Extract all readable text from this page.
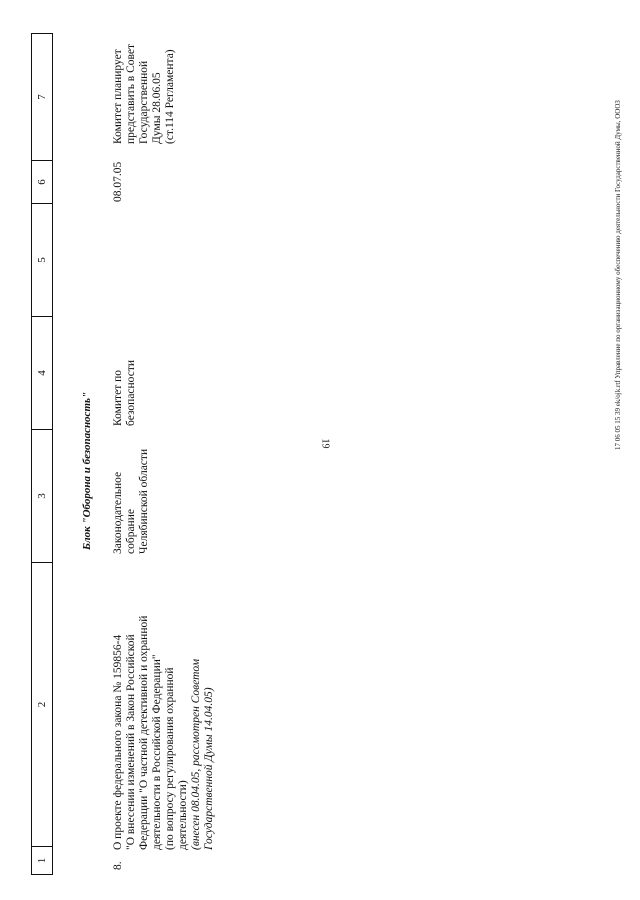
19
1
2
3
4
5
6
7
Блок "Оборона и безопасность"
8.
О проекте федерального закона № 159856-4 "О внесении изменений в Закон Российской Федерации "О частной детективной и охранной деятельности в Российской Федерации" (по вопросу регулирования охранной деятельности) (внесен 08.04.05, рассмотрен Советом Государственной Думы 14.04.05)
Законодательное собрание Челябинской области
Комитет по безопасности
08.07.05
Комитет планирует представить в Совет Государственной Думы 28.06.05 (ст.114 Регламента)
17 06 05 15 39 ek/ojk.rtf Управление по организационному обеспечению деятельности Государственной Думы, ОООЗ
